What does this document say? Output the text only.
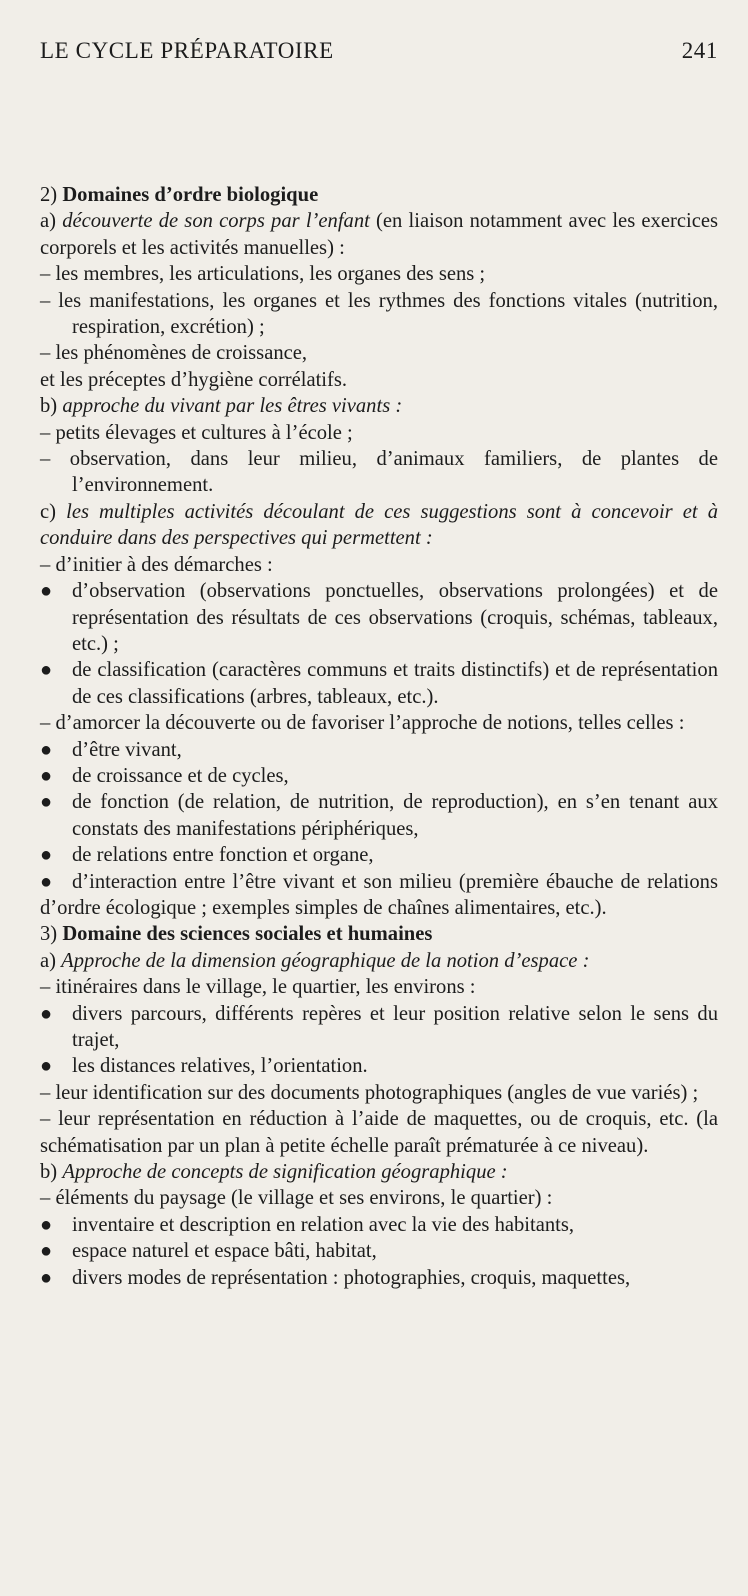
LE CYCLE PRÉPARATOIRE	241

2) Domaines d’ordre biologique

a) découverte de son corps par l’enfant (en liaison notamment avec les exercices corporels et les activités manuelles) :

– les membres, les articulations, les organes des sens ;

– les manifestations, les organes et les rythmes des fonctions vitales (nutrition, respiration, excrétion) ;

– les phénomènes de croissance,

et les préceptes d’hygiène corrélatifs.

b) approche du vivant par les êtres vivants :

– petits élevages et cultures à l’école ;

– observation, dans leur milieu, d’animaux familiers, de plantes de l’environnement.

c) les multiples activités découlant de ces suggestions sont à concevoir et à conduire dans des perspectives qui permettent :

– d’initier à des démarches :

● d’observation (observations ponctuelles, observations prolongées) et de représentation des résultats de ces observations (croquis, schémas, tableaux, etc.) ;

● de classification (caractères communs et traits distinctifs) et de représentation de ces classifications (arbres, tableaux, etc.).

– d’amorcer la découverte ou de favoriser l’approche de notions, telles celles :

● d’être vivant,

● de croissance et de cycles,

● de fonction (de relation, de nutrition, de reproduction), en s’en tenant aux constats des manifestations périphériques,

● de relations entre fonction et organe,

● d’interaction entre l’être vivant et son milieu (première ébauche de relations d’ordre écologique ; exemples simples de chaînes alimentaires, etc.).

3) Domaine des sciences sociales et humaines

a) Approche de la dimension géographique de la notion d’espace :

– itinéraires dans le village, le quartier, les environs :

● divers parcours, différents repères et leur position relative selon le sens du trajet,

● les distances relatives, l’orientation.

– leur identification sur des documents photographiques (angles de vue variés) ;

– leur représentation en réduction à l’aide de maquettes, ou de croquis, etc. (la schématisation par un plan à petite échelle paraît prématurée à ce niveau).

b) Approche de concepts de signification géographique :

– éléments du paysage (le village et ses environs, le quartier) :

● inventaire et description en relation avec la vie des habitants,

● espace naturel et espace bâti, habitat,

● divers modes de représentation : photographies, croquis, maquettes,
